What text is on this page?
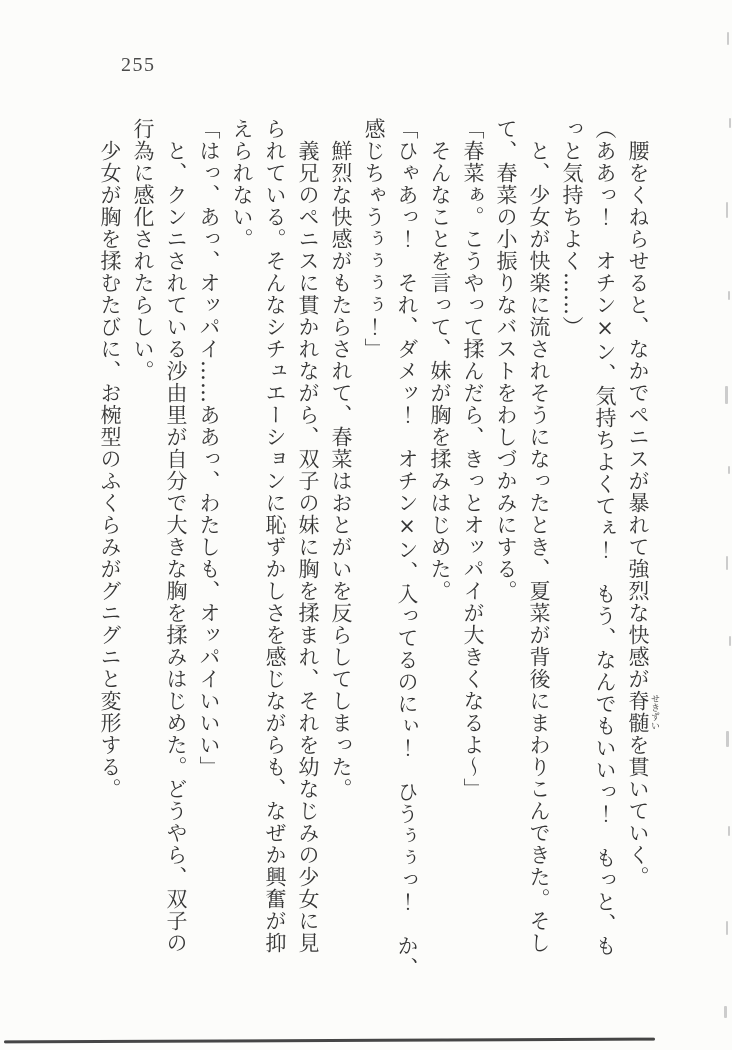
255

　腰をくねらせると、なかでペニスが暴れて強烈な快感が脊髄 せきずいを貫いていく。

（ああっ！　オチン×ン、気持ちよくてぇ！　もう、なんでもいいっ！　もっと、も

っと気持ちよく……）

　と、少女が快楽に流されそうになったとき、夏菜が背後にまわりこんできた。そし

て、春菜の小振りなバストをわしづかみにする。

「春菜ぁ。こうやって揉んだら、きっとオッパイが大きくなるよ〜」

　そんなことを言って、妹が胸を揉みはじめた。

「ひゃあっ！　それ、ダメッ！　オチン×ン、入ってるのにぃ！　ひうぅぅっ！　か、

感じちゃうぅぅぅぅ！」

　鮮烈な快感がもたらされて、春菜はおとがいを反らしてしまった。

　義兄のペニスに貫かれながら、双子の妹に胸を揉まれ、それを幼なじみの少女に見

られている。そんなシチュエーションに恥ずかしさを感じながらも、なぜか興奮が抑

えられない。

「はっ、あっ、オッパイ……ああっ、わたしも、オッパイいいい」

　と、クンニされている沙由里が自分で大きな胸を揉みはじめた。どうやら、双子の

行為に感化されたらしい。

　少女が胸を揉むたびに、お椀型のふくらみがグニグニと変形する。
